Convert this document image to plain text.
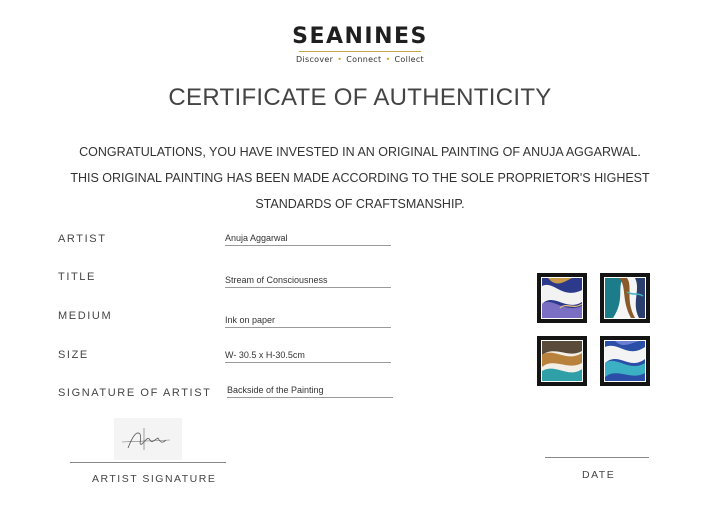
SEANINES
Discover • Connect • Collect
CERTIFICATE OF AUTHENTICITY
CONGRATULATIONS, YOU HAVE INVESTED IN AN ORIGINAL PAINTING OF ANUJA AGGARWAL.
THIS ORIGINAL PAINTING HAS BEEN MADE ACCORDING TO THE SOLE PROPRIETOR'S HIGHEST
STANDARDS OF CRAFTSMANSHIP.
ARTIST	Anuja Aggarwal
TITLE	Stream of Consciousness
MEDIUM	Ink on paper
SIZE	W- 30.5 x H-30.5cm
SIGNATURE OF ARTIST Backside of the Painting
ARTIST SIGNATURE	DATE
